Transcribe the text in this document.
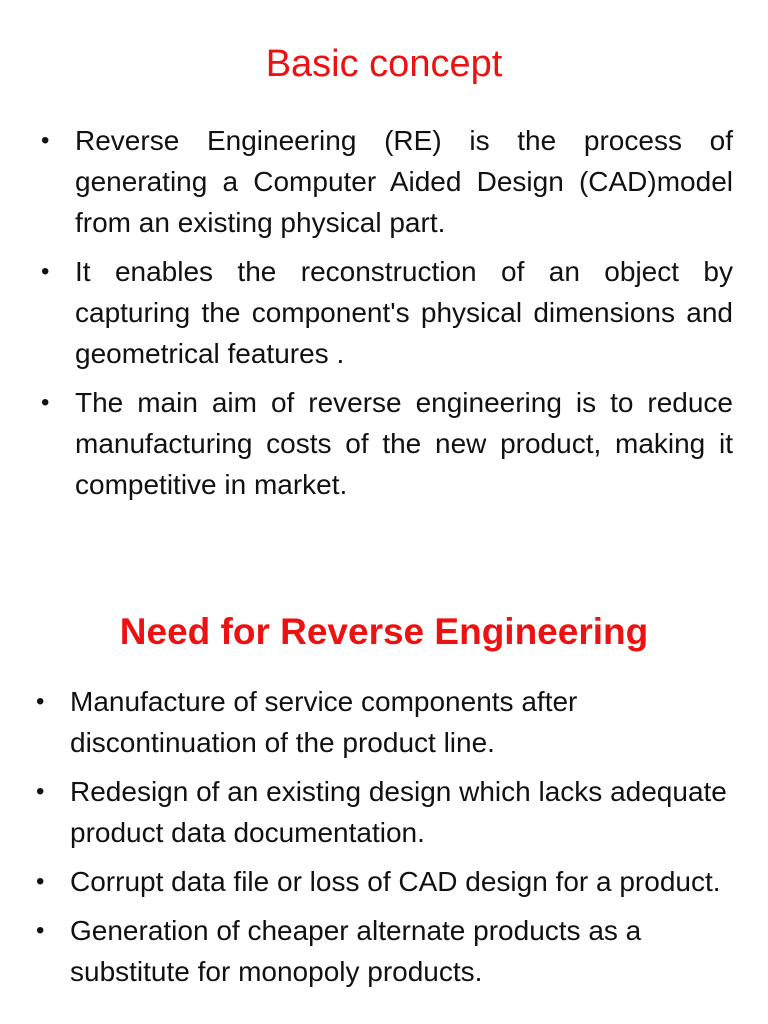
Basic concept
• Reverse Engineering (RE) is the process of generating a Computer Aided Design (CAD)model from an existing physical part.
• It enables the reconstruction of an object by capturing the component's physical dimensions and geometrical features .
• The main aim of reverse engineering is to reduce manufacturing costs of the new product, making it competitive in market.
Need for Reverse Engineering
• Manufacture of service components after discontinuation of the product line.
• Redesign of an existing design which lacks adequate product data documentation.
• Corrupt data file or loss of CAD design for a product.
• Generation of cheaper alternate products as a substitute for monopoly products.
